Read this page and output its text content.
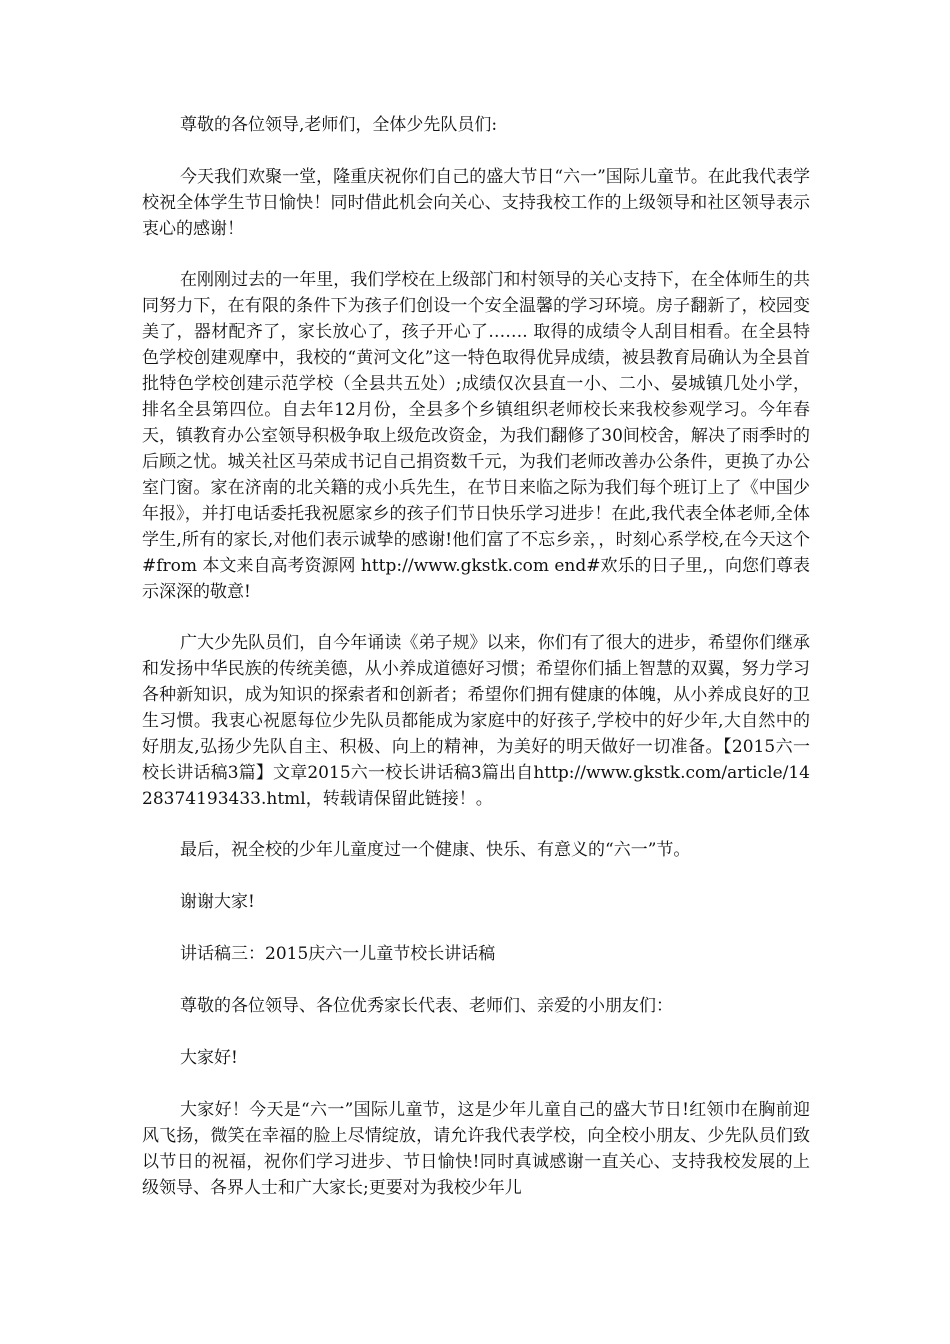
尊敬的各位领导,老师们，全体少先队员们:

今天我们欢聚一堂，隆重庆祝你们自己的盛大节日“六一”国际儿童节。在此我代表学校祝全体学生节日愉快！同时借此机会向关心、支持我校工作的上级领导和社区领导表示衷心的感谢！

在刚刚过去的一年里，我们学校在上级部门和村领导的关心支持下，在全体师生的共同努力下，在有限的条件下为孩子们创设一个安全温馨的学习环境。房子翻新了，校园变美了，器材配齐了，家长放心了，孩子开心了……. 取得的成绩令人刮目相看。在全县特色学校创建观摩中，我校的“黄河文化”这一特色取得优异成绩，被县教育局确认为全县首批特色学校创建示范学校（全县共五处）;成绩仅次县直一小、二小、晏城镇几处小学，排名全县第四位。自去年12月份，全县多个乡镇组织老师校长来我校参观学习。今年春天，镇教育办公室领导积极争取上级危改资金，为我们翻修了30间校舍，解决了雨季时的后顾之忧。城关社区马荣成书记自己捐资数千元，为我们老师改善办公条件，更换了办公室门窗。家在济南的北关籍的戎小兵先生，在节日来临之际为我们每个班订上了《中国少年报》，并打电话委托我祝愿家乡的孩子们节日快乐学习进步！在此,我代表全体老师,全体学生,所有的家长,对他们表示诚挚的感谢!他们富了不忘乡亲，，时刻心系学校,在今天这个#from 本文来自高考资源网 http://www.gkstk.com end#欢乐的日子里,，向您们尊表示深深的敬意!

广大少先队员们，自今年诵读《弟子规》以来，你们有了很大的进步，希望你们继承和发扬中华民族的传统美德，从小养成道德好习惯；希望你们插上智慧的双翼，努力学习各种新知识，成为知识的探索者和创新者；希望你们拥有健康的体魄，从小养成良好的卫生习惯。我衷心祝愿每位少先队员都能成为家庭中的好孩子,学校中的好少年,大自然中的好朋友,弘扬少先队自主、积极、向上的精神，为美好的明天做好一切准备。【2015六一校长讲话稿3篇】文章2015六一校长讲话稿3篇出自http://www.gkstk.com/article/1428374193433.html，转载请保留此链接！。

最后，祝全校的少年儿童度过一个健康、快乐、有意义的“六一”节。

谢谢大家!

讲话稿三：2015庆六一儿童节校长讲话稿

尊敬的各位领导、各位优秀家长代表、老师们、亲爱的小朋友们：

大家好!

大家好！今天是“六一”国际儿童节，这是少年儿童自己的盛大节日!红领巾在胸前迎风飞扬，微笑在幸福的脸上尽情绽放，请允许我代表学校，向全校小朋友、少先队员们致以节日的祝福，祝你们学习进步、节日愉快!同时真诚感谢一直关心、支持我校发展的上级领导、各界人士和广大家长;更要对为我校少年儿
